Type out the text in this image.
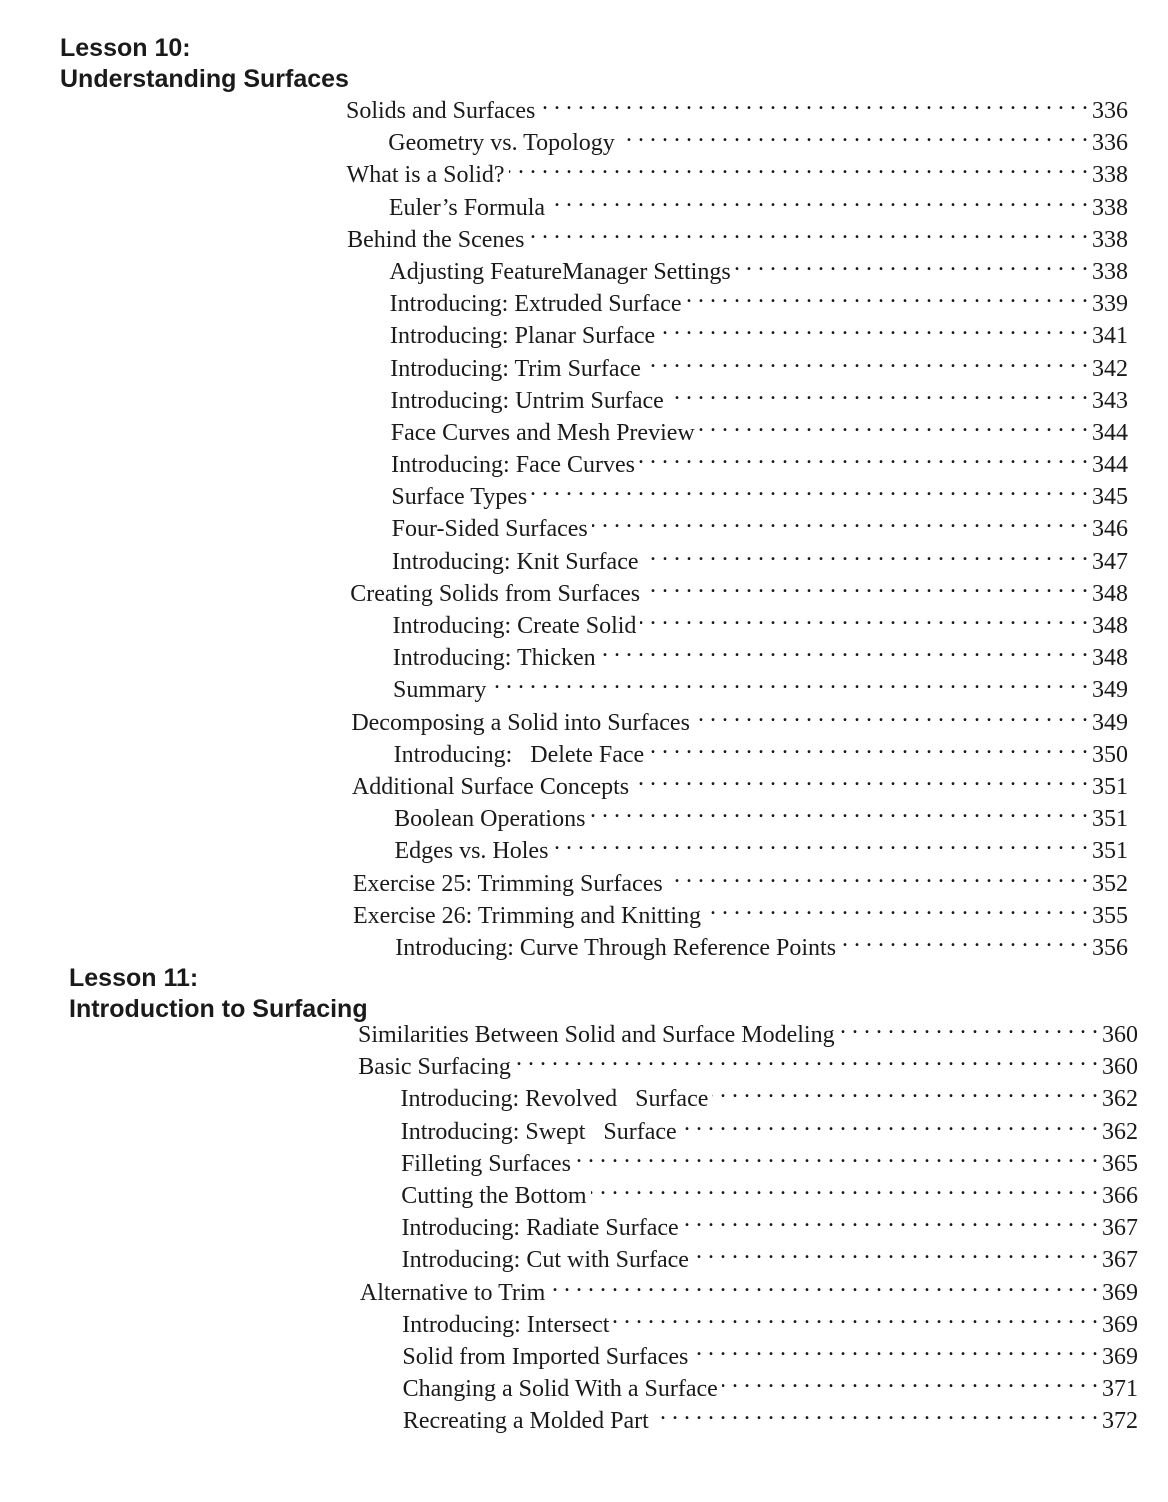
Lesson 10:
Understanding Surfaces
Solids and Surfaces . . .	336
Geometry vs. Topology . . .	336
What is a Solid? . . .	338
Euler’s Formula . . .	338
Behind the Scenes . . .	338
Adjusting FeatureManager Settings . . .	338
Introducing: Extruded Surface . . .	339
Introducing: Planar Surface . . .	341
Introducing: Trim Surface . . .	342
Introducing: Untrim Surface . . .	343
Face Curves and Mesh Preview . . .	344
Introducing: Face Curves . . .	344
Surface Types . . .	345
Four-Sided Surfaces . . .	346
Introducing: Knit Surface . . .	347
Creating Solids from Surfaces . . .	348
Introducing: Create Solid . . .	348
Introducing: Thicken . . .	348
Summary . . .	349
Decomposing a Solid into Surfaces . . .	349
Introducing:   Delete Face . . .	350
Additional Surface Concepts . . .	351
Boolean Operations . . .	351
Edges vs. Holes . . .	351
Exercise 25: Trimming Surfaces . . .	352
Exercise 26: Trimming and Knitting . . .	355
Introducing: Curve Through Reference Points . . .	356
Lesson 11:
Introduction to Surfacing
Similarities Between Solid and Surface Modeling . . .	360
Basic Surfacing . . .	360
Introducing: Revolved   Surface . . .	362
Introducing: Swept   Surface . . .	362
Filleting Surfaces . . .	365
Cutting the Bottom . . .	366
Introducing: Radiate Surface . . .	367
Introducing: Cut with Surface . . .	367
Alternative to Trim . . .	369
Introducing: Intersect . . .	369
Solid from Imported Surfaces . . .	369
Changing a Solid With a Surface . . .	371
Recreating a Molded Part . . .	372
